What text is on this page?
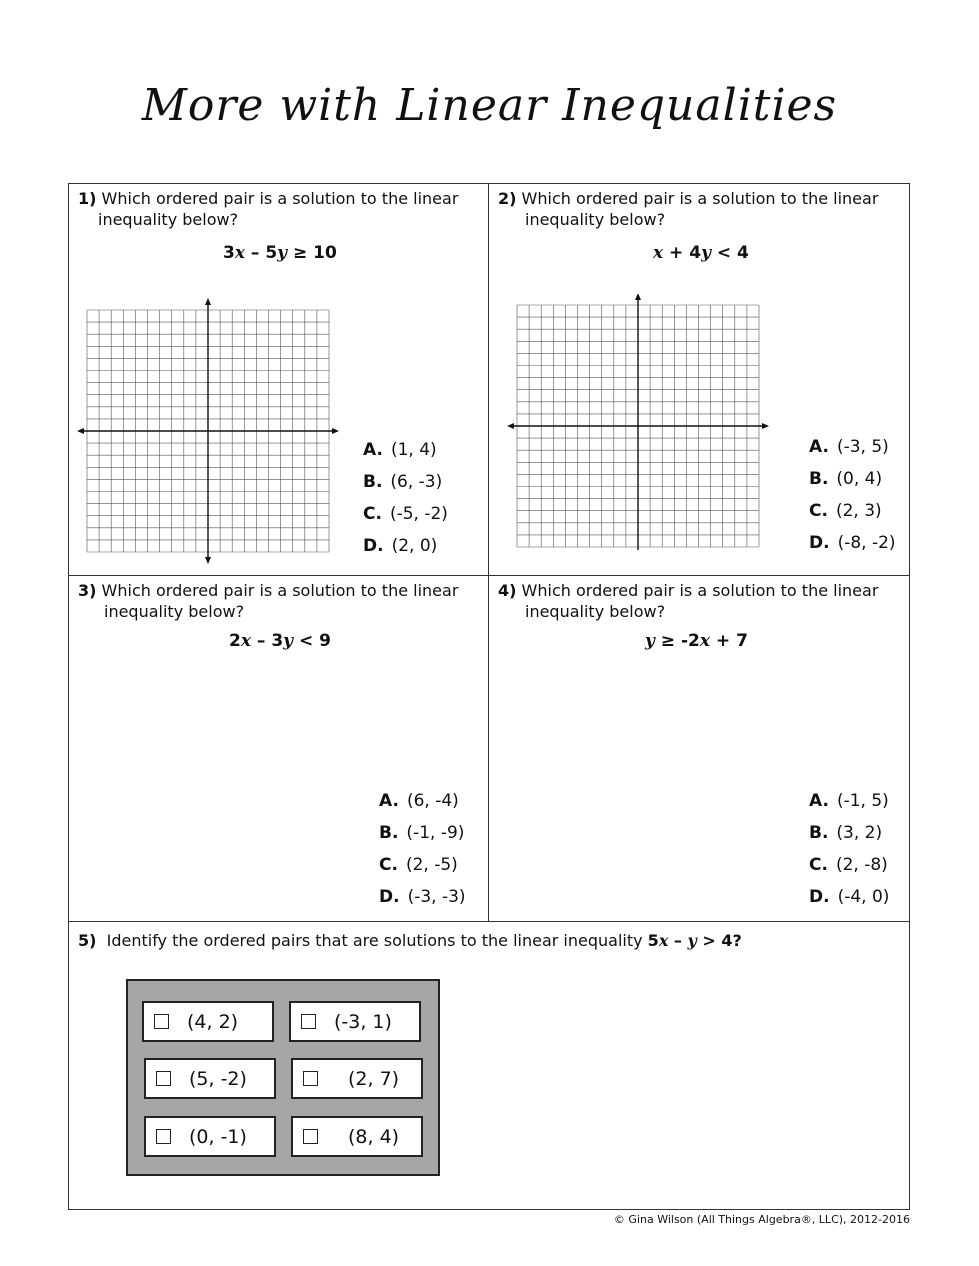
More with Linear Inequalities
1) Which ordered pair is a solution to the linear
inequality below?
3x – 5y ≥ 10
A. (1, 4)
B. (6, -3)
C. (-5, -2)
D. (2, 0)
2) Which ordered pair is a solution to the linear
inequality below?
x + 4y < 4
A. (-3, 5)
B. (0, 4)
C. (2, 3)
D. (-8, -2)
3) Which ordered pair is a solution to the linear
inequality below?
2x – 3y < 9
A. (6, -4)
B. (-1, -9)
C. (2, -5)
D. (-3, -3)
4) Which ordered pair is a solution to the linear
inequality below?
y ≥ -2x + 7
A. (-1, 5)
B. (3, 2)
C. (2, -8)
D. (-4, 0)
5) Identify the ordered pairs that are solutions to the linear inequality 5x – y > 4?
(4, 2)	(-3, 1)
(5, -2)	(2, 7)
(0, -1)	(8, 4)
© Gina Wilson (All Things Algebra®, LLC), 2012-2016
